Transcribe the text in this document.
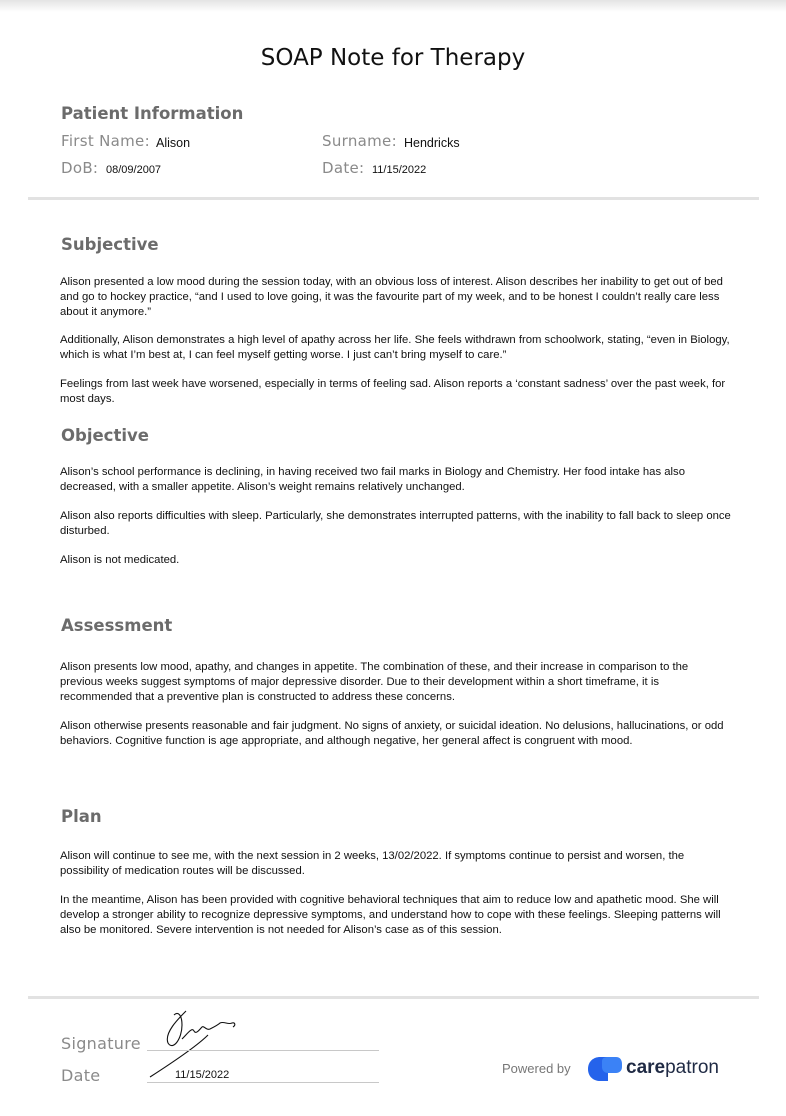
SOAP Note for Therapy
Patient Information
First Name: Alison	Surname: Hendricks
DoB: 08/09/2007	Date: 11/15/2022
Subjective

Alison presented a low mood during the session today, with an obvious loss of interest. Alison describes her inability to get out of bed and go to hockey practice, “and I used to love going, it was the favourite part of my week, and to be honest I couldn’t really care less about it anymore.”

Additionally, Alison demonstrates a high level of apathy across her life. She feels withdrawn from schoolwork, stating, “even in Biology, which is what I’m best at, I can feel myself getting worse. I just can’t bring myself to care.”

Feelings from last week have worsened, especially in terms of feeling sad. Alison reports a ‘constant sadness’ over the past week, for most days.

Objective

Alison’s school performance is declining, in having received two fail marks in Biology and Chemistry. Her food intake has also decreased, with a smaller appetite. Alison’s weight remains relatively unchanged.

Alison also reports difficulties with sleep. Particularly, she demonstrates interrupted patterns, with the inability to fall back to sleep once disturbed.

Alison is not medicated.

Assessment

Alison presents low mood, apathy, and changes in appetite. The combination of these, and their increase in comparison to the previous weeks suggest symptoms of major depressive disorder. Due to their development within a short timeframe, it is recommended that a preventive plan is constructed to address these concerns.

Alison otherwise presents reasonable and fair judgment. No signs of anxiety, or suicidal ideation. No delusions, hallucinations, or odd behaviors. Cognitive function is age appropriate, and although negative, her general affect is congruent with mood.

Plan

Alison will continue to see me, with the next session in 2 weeks, 13/02/2022. If symptoms continue to persist and worsen, the possibility of medication routes will be discussed.

In the meantime, Alison has been provided with cognitive behavioral techniques that aim to reduce low and apathetic mood. She will develop a stronger ability to recognize depressive symptoms, and understand how to cope with these feelings. Sleeping patterns will also be monitored. Severe intervention is not needed for Alison’s case as of this session.

Signature
Date	11/15/2022	Powered by	carepatron
